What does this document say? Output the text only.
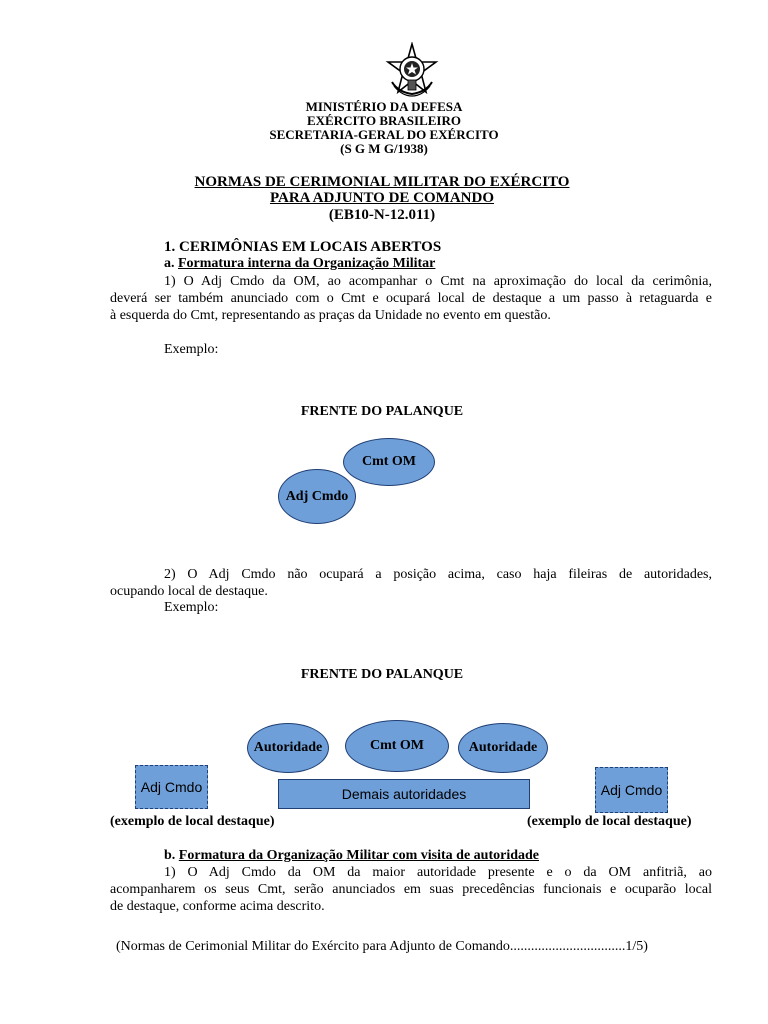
MINISTÉRIO DA DEFESA
EXÉRCITO BRASILEIRO
SECRETARIA-GERAL DO EXÉRCITO
(S G M G/1938)
NORMAS DE CERIMONIAL MILITAR DO EXÉRCITO
PARA ADJUNTO DE COMANDO
(EB10-N-12.011)
1. CERIMÔNIAS EM LOCAIS ABERTOS
a. Formatura interna da Organização Militar
1) O Adj Cmdo da OM, ao acompanhar o Cmt na aproximação do local da cerimônia,
deverá ser também anunciado com o Cmt e ocupará local de destaque a um passo à retaguarda e
à esquerda do Cmt, representando as praças da Unidade no evento em questão.
Exemplo:
FRENTE DO PALANQUE
Cmt OM
Adj Cmdo
2) O Adj Cmdo não ocupará a posição acima, caso haja fileiras de autoridades,
ocupando local de destaque.
Exemplo:
FRENTE DO PALANQUE
Autoridade	Cmt OM	Autoridade
Demais autoridades
Adj Cmdo	Adj Cmdo
(exemplo de local destaque)	(exemplo de local destaque)
b. Formatura da Organização Militar com visita de autoridade
1) O Adj Cmdo da OM da maior autoridade presente e o da OM anfitriã, ao
acompanharem os seus Cmt, serão anunciados em suas precedências funcionais e ocuparão local
de destaque, conforme acima descrito.
(Normas de Cerimonial Militar do Exército para Adjunto de Comando.................................1/5)
